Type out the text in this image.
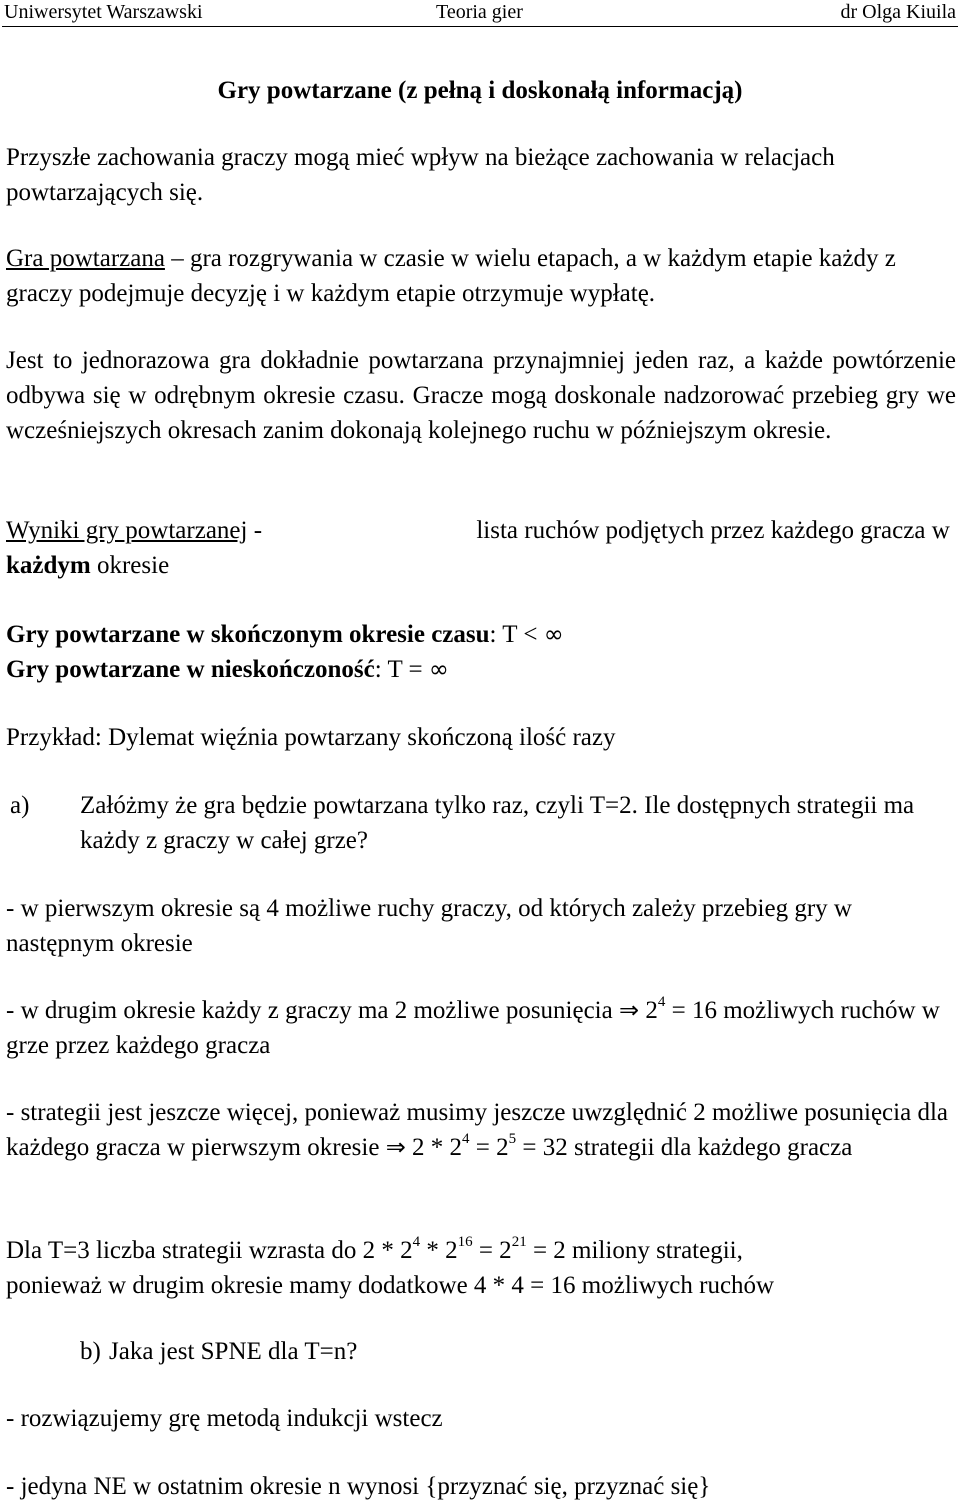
Uniwersytet Warszawski	Teoria gier	dr Olga Kiuila
Gry powtarzane (z pełną i doskonałą informacją)
Przyszłe zachowania graczy mogą mieć wpływ na bieżące zachowania w relacjach powtarzających się.
Gra powtarzana – gra rozgrywania w czasie w wielu etapach, a w każdym etapie każdy z graczy podejmuje decyzję i w każdym etapie otrzymuje wypłatę.
Jest to jednorazowa gra dokładnie powtarzana przynajmniej jeden raz, a każde powtórzenie odbywa się w odrębnym okresie czasu. Gracze mogą doskonale nadzorować przebieg gry we wcześniejszych okresach zanim dokonają kolejnego ruchu w późniejszym okresie.
Wyniki gry powtarzanej -	lista ruchów podjętych przez każdego gracza w
każdym okresie
Gry powtarzane w skończonym okresie czasu: T < ∞
Gry powtarzane w nieskończoność: T = ∞
Przykład: Dylemat więźnia powtarzany skończoną ilość razy
a) Załóżmy że gra będzie powtarzana tylko raz, czyli T=2. Ile dostępnych strategii ma każdy z graczy w całej grze?
- w pierwszym okresie są 4 możliwe ruchy graczy, od których zależy przebieg gry w następnym okresie
- w drugim okresie każdy z graczy ma 2 możliwe posunięcia ⇒ $2^4 = 16$ możliwych ruchów w grze przez każdego gracza
- strategii jest jeszcze więcej, ponieważ musimy jeszcze uwzględnić 2 możliwe posunięcia dla każdego gracza w pierwszym okresie ⇒ $2 * 2^4 = 2^5 = 32$ strategii dla każdego gracza
Dla T=3 liczba strategii wzrasta do $2 * 2^4 * 2^{16} = 2^{21} = 2$ miliony strategii,
ponieważ w drugim okresie mamy dodatkowe 4 * 4 = 16 możliwych ruchów
b) Jaka jest SPNE dla T=n?
- rozwiązujemy grę metodą indukcji wstecz
- jedyna NE w ostatnim okresie n wynosi {przyznać się, przyznać się}
